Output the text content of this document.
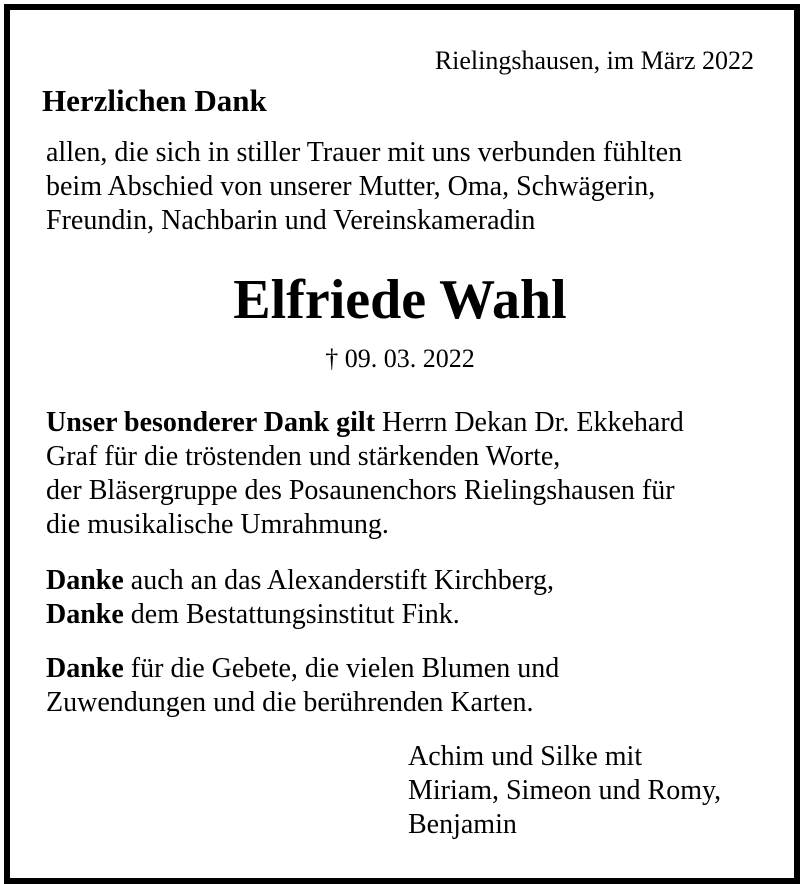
Rielingshausen, im März 2022
Herzlichen Dank
allen, die sich in stiller Trauer mit uns verbunden fühlten
beim Abschied von unserer Mutter, Oma, Schwägerin,
Freundin, Nachbarin und Vereinskameradin
Elfriede Wahl
† 09. 03. 2022
Unser besonderer Dank gilt Herrn Dekan Dr. Ekkehard
Graf für die tröstenden und stärkenden Worte,
der Bläsergruppe des Posaunenchors Rielingshausen für
die musikalische Umrahmung.
Danke auch an das Alexanderstift Kirchberg,
Danke dem Bestattungsinstitut Fink.
Danke für die Gebete, die vielen Blumen und
Zuwendungen und die berührenden Karten.
Achim und Silke mit
Miriam, Simeon und Romy,
Benjamin
